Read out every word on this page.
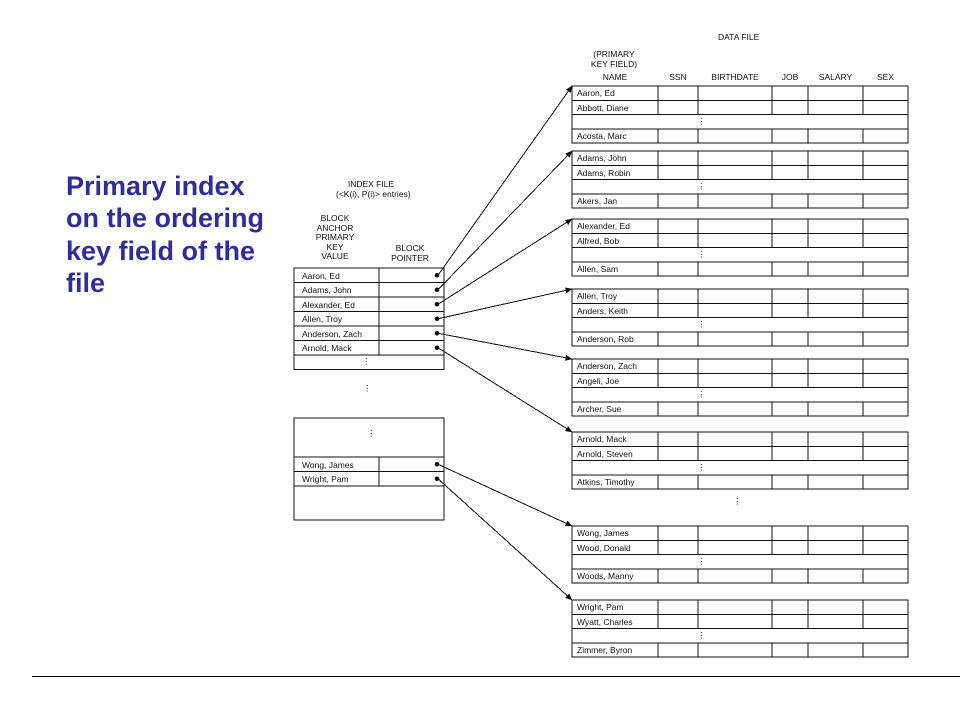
Primary index on the ordering key field of the file
INDEX FILE
(<K(i), P(i)> entries)
BLOCK
ANCHOR
PRIMARY
KEY
VALUE
BLOCK
POINTER
DATA FILE
(PRIMARY
KEY FIELD)
NAME	SSN	BIRTHDATE	JOB	SALARY	SEX
Aaron, Ed
Adams, John
Alexander, Ed
Allen, Troy
Anderson, Zach
Arnold, Mack
⋮
⋮
⋮
Wong, James
Wright, Pam
Aaron, Ed
Abbott, Diane
Acosta, Marc
⋮
Adams, John
Adams, Robin
Akers, Jan
⋮
Alexander, Ed
Alfred, Bob
Allen, Sam
⋮
Allen, Troy
Anders, Keith
Anderson, Rob
⋮
Anderson, Zach
Angeli, Joe
Archer, Sue
⋮
Arnold, Mack
Arnold, Steven
Atkins, Timothy
⋮
Wong, James
Wood, Donald
Woods, Manny
⋮
Wright, Pam
Wyatt, Charles
Zimmer, Byron
⋮
⋮
